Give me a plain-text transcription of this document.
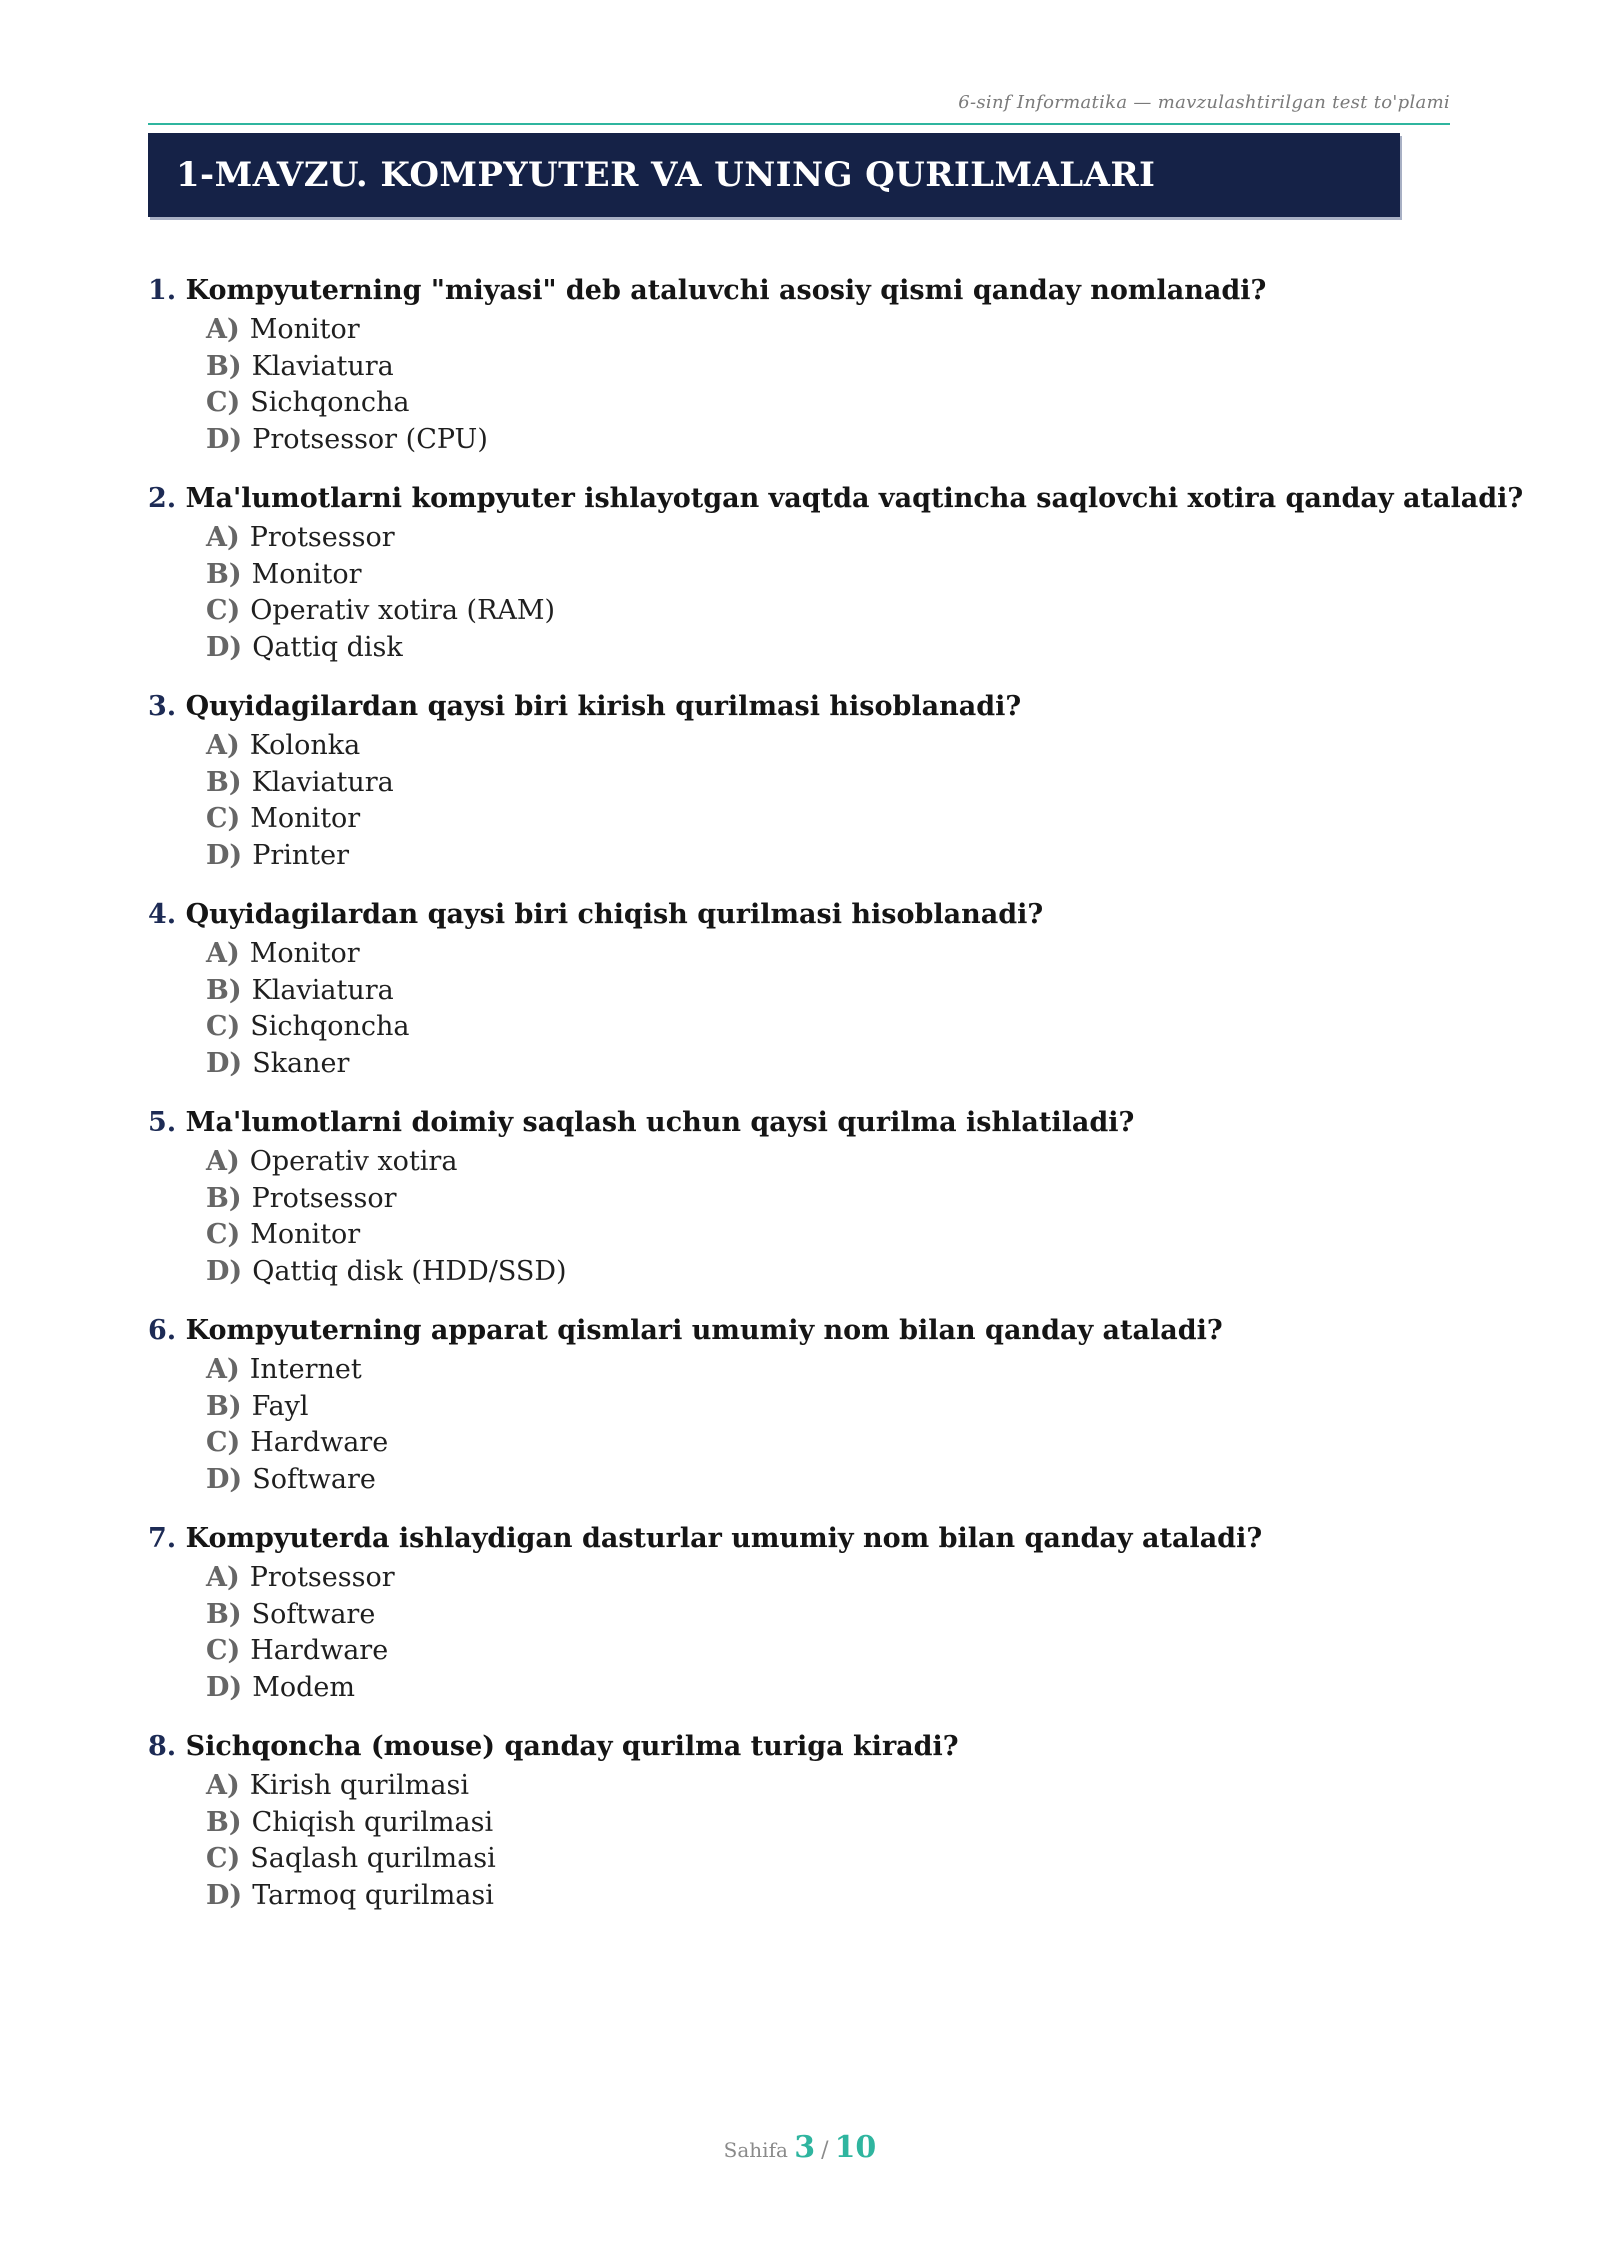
6-sinf Informatika — mavzulashtirilgan test to'plami
1-MAVZU. KOMPYUTER VA UNING QURILMALARI
1. Kompyuterning "miyasi" deb ataluvchi asosiy qismi qanday nomlanadi?
A) Monitor
B) Klaviatura
C) Sichqoncha
D) Protsessor (CPU)
2. Ma'lumotlarni kompyuter ishlayotgan vaqtda vaqtincha saqlovchi xotira qanday ataladi?
A) Protsessor
B) Monitor
C) Operativ xotira (RAM)
D) Qattiq disk
3. Quyidagilardan qaysi biri kirish qurilmasi hisoblanadi?
A) Kolonka
B) Klaviatura
C) Monitor
D) Printer
4. Quyidagilardan qaysi biri chiqish qurilmasi hisoblanadi?
A) Monitor
B) Klaviatura
C) Sichqoncha
D) Skaner
5. Ma'lumotlarni doimiy saqlash uchun qaysi qurilma ishlatiladi?
A) Operativ xotira
B) Protsessor
C) Monitor
D) Qattiq disk (HDD/SSD)
6. Kompyuterning apparat qismlari umumiy nom bilan qanday ataladi?
A) Internet
B) Fayl
C) Hardware
D) Software
7. Kompyuterda ishlaydigan dasturlar umumiy nom bilan qanday ataladi?
A) Protsessor
B) Software
C) Hardware
D) Modem
8. Sichqoncha (mouse) qanday qurilma turiga kiradi?
A) Kirish qurilmasi
B) Chiqish qurilmasi
C) Saqlash qurilmasi
D) Tarmoq qurilmasi
Sahifa 3 / 10
